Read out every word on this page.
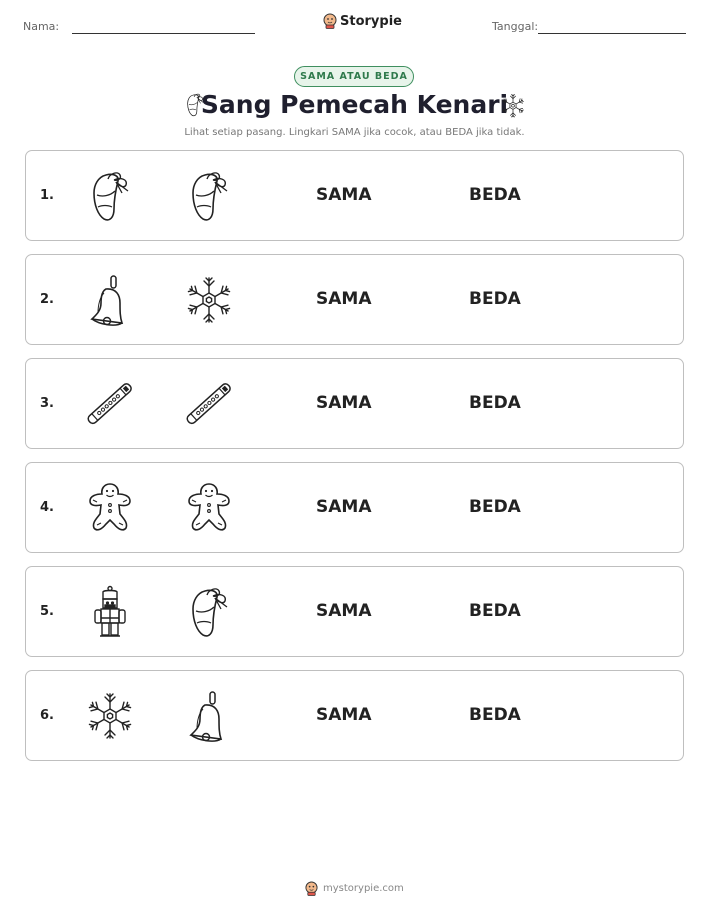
Nama:	Storypie	Tanggal:
SAMA ATAU BEDA
Sang Pemecah Kenari
Lihat setiap pasang. Lingkari SAMA jika cocok, atau BEDA jika tidak.
1.	SAMA	BEDA
2.	SAMA	BEDA
3.	SAMA	BEDA
4.	SAMA	BEDA
5.	SAMA	BEDA
6.	SAMA	BEDA
mystorypie.com
